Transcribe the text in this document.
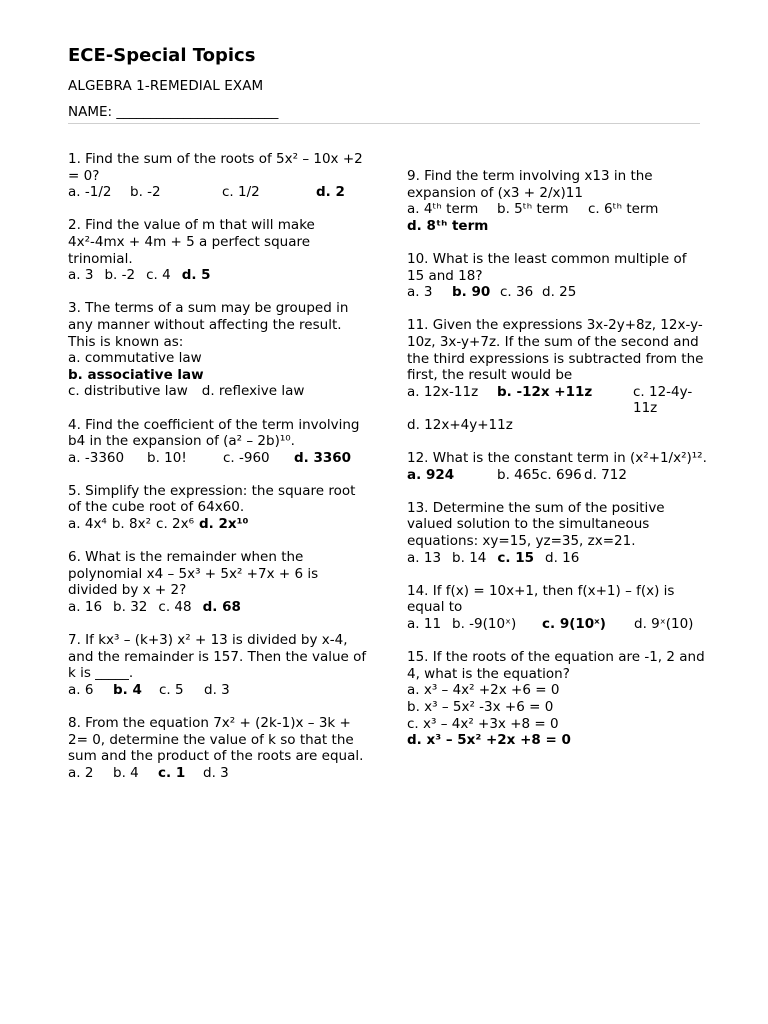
ECE-Special Topics
ALGEBRA 1-REMEDIAL EXAM
NAME: ________________________

1. Find the sum of the roots of 5x² – 10x +2 = 0?

a. -1/2	b. -2	c. 1/2	d. 2

2. Find the value of m that will make 4x²-4mx + 4m + 5 a perfect square trinomial.

a. 3 b. -2 c. 4 d. 5

3. The terms of a sum may be grouped in any manner without affecting the result. This is known as:

a. commutative law
b. associative law
c. distributive law d. reflexive law

4. Find the coefficient of the term involving b4 in the expansion of (a² – 2b)¹⁰.

a. -3360	b. 10!	c. -960	d. 3360

5. Simplify the expression: the square root of the cube root of 64x60.

a. 4x⁴ b. 8x² c. 2x⁶ d. 2x¹⁰

6. What is the remainder when the polynomial x4 – 5x³ + 5x² +7x + 6 is divided by x + 2?

a. 16 b. 32 c. 48 d. 68

7. If kx³ – (k+3) x² + 13 is divided by x-4, and the remainder is 157. Then the value of k is _____.

a. 6	b. 4	c. 5	d. 3

8. From the equation 7x² + (2k-1)x – 3k + 2= 0, determine the value of k so that the sum and the product of the roots are equal.

a. 2	b. 4	c. 1	d. 3

9. Find the term involving x13 in the expansion of (x3 + 2/x)11

a. 4ᵗʰ term	b. 5ᵗʰ term	c. 6ᵗʰ term
d. 8ᵗʰ term

10. What is the least common multiple of 15 and 18?

a. 3	b. 90 c. 36 d. 25

11. Given the expressions 3x-2y+8z, 12x-y-10z, 3x-y+7z. If the sum of the second and the third expressions is subtracted from the first, the result would be

a. 12x-11z	b. -12x +11z	c. 12-4y-11z
d. 12x+4y+11z

12. What is the constant term in (x²+1/x²)¹².

a. 924	b. 465 c. 696 d. 712

13. Determine the sum of the positive valued solution to the simultaneous equations: xy=15, yz=35, zx=21.

a. 13 b. 14 c. 15 d. 16

14. If f(x) = 10x+1, then f(x+1) – f(x) is equal to

a. 11 b. -9(10ˣ)	c. 9(10ˣ)	d. 9ˣ(10)

15. If the roots of the equation are -1, 2 and 4, what is the equation?

a. x³ – 4x² +2x +6 = 0

b. x³ – 5x² -3x +6 = 0

c. x³ – 4x² +3x +8 = 0

d. x³ – 5x² +2x +8 = 0
